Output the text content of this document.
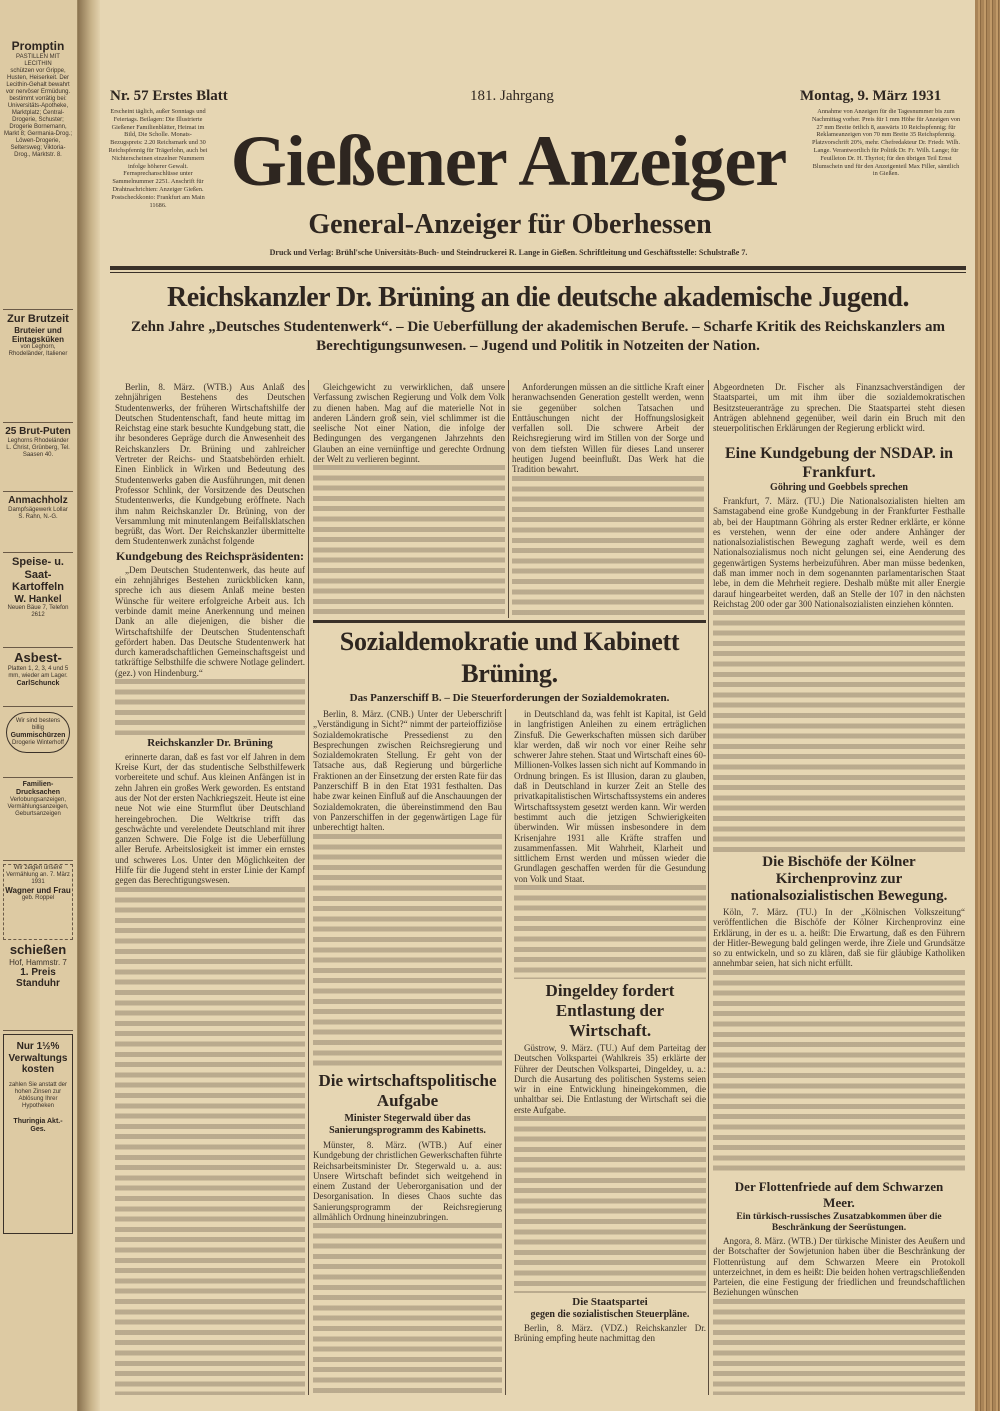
Promptin
PASTILLEN MIT LECITHIN
schützen vor Grippe, Husten, Heiserkeit. Der Lecithin-Gehalt bewahrt vor nervöser Ermüdung. bestimmt vorrätig bei: Universitäts-Apotheke, Marktplatz; Central-Drogerie, Schuster; Drogerie Bornemann, Markt 8; Germania-Drog.; Löwen-Drogerie, Seltersweg; Viktoria-Drog., Marktstr. 8.
Zur Brutzeit
Bruteier und Eintagsküken
von Leghorn, Rhodeländer, Italiener
25 Brut-Puten
Leghorns Rhodeländer
L. Christ, Grünberg, Tel. Saasen 40.
Anmachholz
Dampfsägewerk Lollar
S. Rahn, N.-G.
Speise- u. Saat-Kartoffeln
W. Hankel
Neuen Bäue 7, Telefon 2612
Asbest-
Platten 1, 2, 3, 4 und 5 mm, wieder am Lager.
CarlSchunck
Wir sind bestens billig
Gummischürzen
Drogerie Winterhoff
Familien-Drucksachen
Verlobungsanzeigen, Vermählungsanzeigen, Geburtsanzeigen
Wir zeigen unsere Vermählung an. 7. März 1931
Wagner und Frau
geb. Roppel
schießen
Hof, Hammstr. 7
1. Preis Standuhr
Nur 1½% Verwaltungskosten
zahlen Sie anstatt der hohen Zinsen zur Ablösung Ihrer Hypotheken
Thuringia Akt.-Ges.
Nr. 57 Erstes Blatt	181. Jahrgang	Montag, 9. März 1931
Erscheint täglich, außer Sonntags und Feiertags. Beilagen: Die Illustrierte Gießener Familienblätter, Heimat im Bild, Die Scholle. Monats-Bezugspreis: 2.20 Reichsmark und 30 Reichspfennig für Trägerlohn, auch bei Nichterscheinen einzelner Nummern infolge höherer Gewalt. Fernsprechanschlüsse unter Sammelnummer 2251. Anschrift für Drahtnachrichten: Anzeiger Gießen. Postscheckkonto: Frankfurt am Main 11686.
Annahme von Anzeigen für die Tagesnummer bis zum Nachmittag vorher. Preis für 1 mm Höhe für Anzeigen von 27 mm Breite örtlich 8, auswärts 10 Reichspfennig; für Reklameanzeigen von 70 mm Breite 35 Reichspfennig. Platzvorschrift 20%, mehr. Chefredakteur Dr. Friedr. Wilh. Lange. Verantwortlich für Politik Dr. Fr. Wilh. Lange; für Feuilleton Dr. H. Thyriot; für den übrigen Teil Ernst Blumschein und für den Anzeigenteil Max Filler, sämtlich in Gießen.
Gießener Anzeiger
General-Anzeiger für Oberhessen
Druck und Verlag: Brühl'sche Universitäts-Buch- und Steindruckerei R. Lange in Gießen. Schriftleitung und Geschäftsstelle: Schulstraße 7.
Reichskanzler Dr. Brüning an die deutsche akademische Jugend.
Zehn Jahre „Deutsches Studentenwerk“. – Die Ueberfüllung der akademischen Berufe. – Scharfe Kritik des Reichskanzlers am Berechtigungsunwesen. – Jugend und Politik in Notzeiten der Nation.

Berlin, 8. März. (WTB.) Aus Anlaß des zehnjährigen Bestehens des Deutschen Studentenwerks, der früheren Wirtschaftshilfe der Deutschen Studentenschaft, fand heute mittag im Reichstag eine stark besuchte Kundgebung statt, die ihr besonderes Gepräge durch die Anwesenheit des Reichskanzlers Dr. Brüning und zahlreicher Vertreter der Reichs- und Staatsbehörden erhielt. Einen Einblick in Wirken und Bedeutung des Studentenwerks gaben die Ausführungen, mit denen Professor Schlink, der Vorsitzende des Deutschen Studentenwerks, die Kundgebung eröffnete. Nach ihm nahm Reichskanzler Dr. Brüning, von der Versammlung mit minutenlangem Beifallsklatschen begrüßt, das Wort. Der Reichskanzler übermittelte dem Studentenwerk zunächst folgende

Kundgebung des Reichspräsidenten:

„Dem Deutschen Studentenwerk, das heute auf ein zehnjähriges Bestehen zurückblicken kann, spreche ich aus diesem Anlaß meine besten Wünsche für weitere erfolgreiche Arbeit aus. Ich verbinde damit meine Anerkennung und meinen Dank an alle diejenigen, die bisher die Wirtschaftshilfe der Deutschen Studentenschaft gefördert haben. Das Deutsche Studentenwerk hat durch kameradschaftlichen Gemeinschaftsgeist und tatkräftige Selbsthilfe die schwere Notlage gelindert. (gez.) von Hindenburg.“

Reichskanzler Dr. Brüning

erinnerte daran, daß es fast vor elf Jahren in dem Kreise Kurt, der das studentische Selbsthilfewerk vorbereitete und schuf. Aus kleinen Anfängen ist in zehn Jahren ein großes Werk geworden. Es entstand aus der Not der ersten Nachkriegszeit. Heute ist eine neue Not wie eine Sturmflut über Deutschland hereingebrochen. Die Weltkrise trifft das geschwächte und verelendete Deutschland mit ihrer ganzen Schwere. Die Folge ist die Ueberfüllung aller Berufe. Arbeitslosigkeit ist immer ein ernstes und schweres Los. Unter den Möglichkeiten der Hilfe für die Jugend steht in erster Linie der Kampf gegen das Berechtigungswesen.

Gleichgewicht zu verwirklichen, daß unsere Verfassung zwischen Regierung und Volk dem Volk zu dienen haben. Mag auf die materielle Not in anderen Ländern groß sein, viel schlimmer ist die seelische Not einer Nation, die infolge der Bedingungen des vergangenen Jahrzehnts den Glauben an eine vernünftige und gerechte Ordnung der Welt zu verlieren beginnt.

Anforderungen müssen an die sittliche Kraft einer heranwachsenden Generation gestellt werden, wenn sie gegenüber solchen Tatsachen und Enttäuschungen nicht der Hoffnungslosigkeit verfallen soll. Die schwere Arbeit der Reichsregierung wird im Stillen von der Sorge und von dem tiefsten Willen für dieses Land unserer heutigen Jugend beeinflußt. Das Werk hat die Tradition bewahrt.

Sozialdemokratie und Kabinett Brüning.
Das Panzerschiff B. – Die Steuerforderungen der Sozialdemokraten.

Berlin, 8. März. (CNB.) Unter der Ueberschrift „Verständigung in Sicht?“ nimmt der parteioffiziöse Sozialdemokratische Pressedienst zu den Besprechungen zwischen Reichsregierung und Sozialdemokraten Stellung. Er geht von der Tatsache aus, daß Regierung und bürgerliche Fraktionen an der Einsetzung der ersten Rate für das Panzerschiff B in den Etat 1931 festhalten. Das habe zwar keinen Einfluß auf die Anschauungen der Sozialdemokraten, die übereinstimmend den Bau von Panzerschiffen in der gegenwärtigen Lage für unberechtigt halten.

Die wirtschaftspolitische Aufgabe
Minister Stegerwald über das Sanierungsprogramm des Kabinetts.

Münster, 8. März. (WTB.) Auf einer Kundgebung der christlichen Gewerkschaften führte Reichsarbeitsminister Dr. Stegerwald u. a. aus: Unsere Wirtschaft befindet sich weitgehend in einem Zustand der Ueberorganisation und der Desorganisation. In dieses Chaos suchte das Sanierungsprogramm der Reichsregierung allmählich Ordnung hineinzubringen.

in Deutschland da, was fehlt ist Kapital, ist Geld in langfristigen Anleihen zu einem erträglichen Zinsfuß. Die Gewerkschaften müssen sich darüber klar werden, daß wir noch vor einer Reihe sehr schwerer Jahre stehen. Staat und Wirtschaft eines 60-Millionen-Volkes lassen sich nicht auf Kommando in Ordnung bringen. Es ist Illusion, daran zu glauben, daß in Deutschland in kurzer Zeit an Stelle des privatkapitalistischen Wirtschaftssystems ein anderes Wirtschaftssystem gesetzt werden kann. Wir werden bestimmt auch die jetzigen Schwierigkeiten überwinden. Wir müssen insbesondere in dem Krisenjahre 1931 alle Kräfte straffen und zusammenfassen. Mit Wahrheit, Klarheit und sittlichem Ernst werden und müssen wieder die Grundlagen geschaffen werden für die Gesundung von Volk und Staat.

Dingeldey fordert Entlastung der Wirtschaft.

Güstrow, 9. März. (TU.) Auf dem Parteitag der Deutschen Volkspartei (Wahlkreis 35) erklärte der Führer der Deutschen Volkspartei, Dingeldey, u. a.: Durch die Ausartung des politischen Systems seien wir in eine Entwicklung hineingekommen, die unhaltbar sei. Die Entlastung der Wirtschaft sei die erste Aufgabe.

Die Staatspartei
gegen die sozialistischen Steuerpläne.

Berlin, 8. März. (VDZ.) Reichskanzler Dr. Brüning empfing heute nachmittag den

Abgeordneten Dr. Fischer als Finanzsachverständigen der Staatspartei, um mit ihm über die sozialdemokratischen Besitzsteueranträge zu sprechen. Die Staatspartei steht diesen Anträgen ablehnend gegenüber, weil darin ein Bruch mit den steuerpolitischen Erklärungen der Regierung erblickt wird.

Eine Kundgebung der NSDAP. in Frankfurt.
Göhring und Goebbels sprechen

Frankfurt, 7. März. (TU.) Die Nationalsozialisten hielten am Samstagabend eine große Kundgebung in der Frankfurter Festhalle ab, bei der Hauptmann Göhring als erster Redner erklärte, er könne es verstehen, wenn der eine oder andere Anhänger der nationalsozialistischen Bewegung zaghaft werde, weil es dem Nationalsozialismus noch nicht gelungen sei, eine Aenderung des gegenwärtigen Systems herbeizuführen. Aber man müsse bedenken, daß man immer noch in dem sogenannten parlamentarischen Staat lebe, in dem die Mehrheit regiere. Deshalb müßte mit aller Energie darauf hingearbeitet werden, daß an Stelle der 107 in den nächsten Reichstag 200 oder gar 300 Nationalsozialisten einziehen könnten.

Die Bischöfe der Kölner Kirchenprovinz zur nationalsozialistischen Bewegung.

Köln, 7. März. (TU.) In der „Kölnischen Volkszeitung“ veröffentlichen die Bischöfe der Kölner Kirchenprovinz eine Erklärung, in der es u. a. heißt: Die Erwartung, daß es den Führern der Hitler-Bewegung bald gelingen werde, ihre Ziele und Grundsätze so zu entwickeln, und so zu klären, daß sie für gläubige Katholiken annehmbar seien, hat sich nicht erfüllt.

Der Flottenfriede auf dem Schwarzen Meer.
Ein türkisch-russisches Zusatzabkommen über die Beschränkung der Seerüstungen.

Angora, 8. März. (WTB.) Der türkische Minister des Aeußern und der Botschafter der Sowjetunion haben über die Beschränkung der Flottenrüstung auf dem Schwarzen Meere ein Protokoll unterzeichnet, in dem es heißt: Die beiden hohen vertragschließenden Parteien, die eine Festigung der friedlichen und freundschaftlichen Beziehungen wünschen
